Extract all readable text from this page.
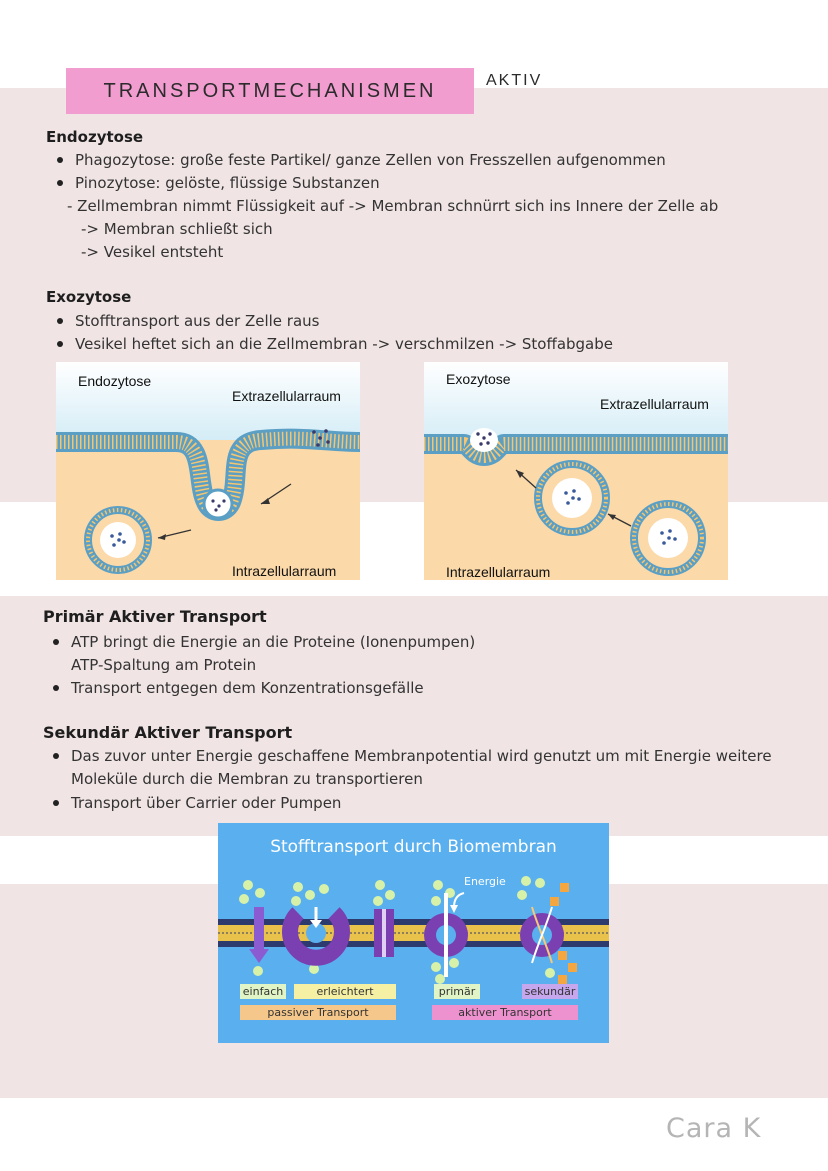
TRANSPORTMECHANISMEN	AKTIV
Endozytose
Phagozytose: große feste Partikel/ ganze Zellen von Fresszellen aufgenommen
Pinozytose: gelöste, flüssige Substanzen
- Zellmembran nimmt Flüssigkeit auf -> Membran schnürrt sich ins Innere der Zelle ab
-> Membran schließt sich
-> Vesikel entsteht
Exozytose
Stofftransport aus der Zelle raus
Vesikel heftet sich an die Zellmembran -> verschmilzen -> Stoffabgabe
Endozytose
Extrazellularraum
Intrazellularraum
Exozytose
Extrazellularraum
Intrazellularraum
Primär Aktiver Transport
ATP bringt die Energie an die Proteine (Ionenpumpen)
ATP-Spaltung am Protein
Transport entgegen dem Konzentrationsgefälle
Sekundär Aktiver Transport
Das zuvor unter Energie geschaffene Membranpotential wird genutzt um mit Energie weitere
Moleküle durch die Membran zu transportieren
Transport über Carrier oder Pumpen
Stofftransport durch Biomembran
Energie
einfach	erleichtert	primär	sekundär
passiver Transport	aktiver Transport
Cara K
